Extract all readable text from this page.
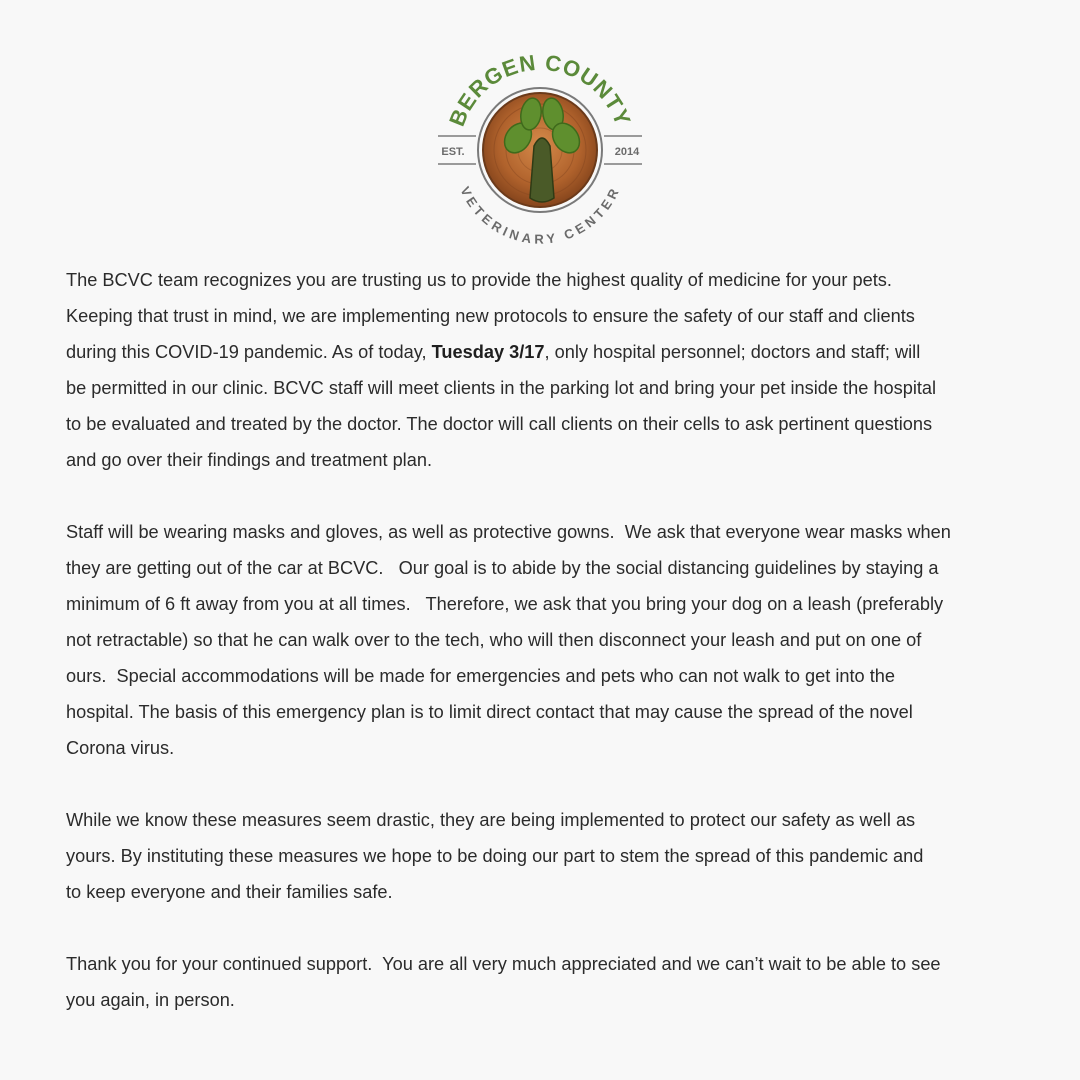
EST.	2014
BERGEN COUNTY
VETERINARY CENTER

The BCVC team recognizes you are trusting us to provide the highest quality of medicine for your pets.
Keeping that trust in mind, we are implementing new protocols to ensure the safety of our staff and clients
during this COVID-19 pandemic. As of today, Tuesday 3/17, only hospital personnel; doctors and staff; will
be permitted in our clinic. BCVC staff will meet clients in the parking lot and bring your pet inside the hospital
to be evaluated and treated by the doctor. The doctor will call clients on their cells to ask pertinent questions
and go over their findings and treatment plan.

Staff will be wearing masks and gloves, as well as protective gowns.  We ask that everyone wear masks when
they are getting out of the car at BCVC.   Our goal is to abide by the social distancing guidelines by staying a
minimum of 6 ft away from you at all times.   Therefore, we ask that you bring your dog on a leash (preferably
not retractable) so that he can walk over to the tech, who will then disconnect your leash and put on one of
ours.  Special accommodations will be made for emergencies and pets who can not walk to get into the
hospital. The basis of this emergency plan is to limit direct contact that may cause the spread of the novel
Corona virus.

While we know these measures seem drastic, they are being implemented to protect our safety as well as
yours. By instituting these measures we hope to be doing our part to stem the spread of this pandemic and
to keep everyone and their families safe.

Thank you for your continued support.  You are all very much appreciated and we can’t wait to be able to see
you again, in person.
